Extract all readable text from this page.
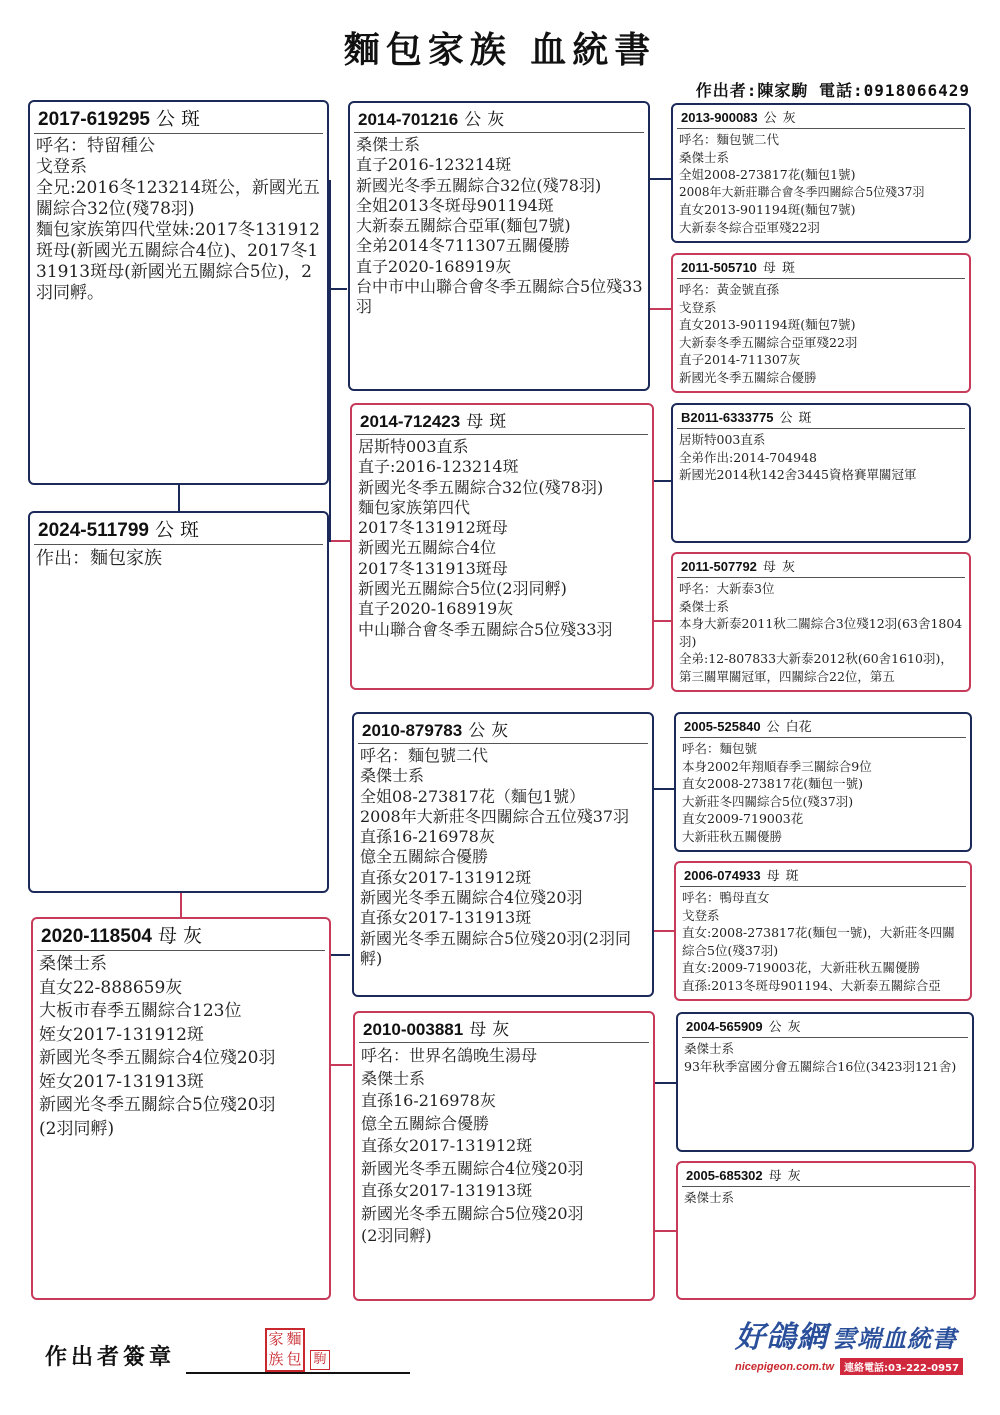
麵包家族 血統書
作出者:陳家駒 電話:0918066429
2017-619295 公 斑
呼名：特留種公
戈登系
全兄:2016冬123214斑公，新國光五關綜合32位(殘78羽)
麵包家族第四代堂妹:2017冬131912斑母(新國光五關綜合4位)、2017冬131913斑母(新國光五關綜合5位)，2羽同孵。
2024-511799 公 斑
作出：麵包家族
2020-118504 母 灰
桑傑士系
直女22-888659灰
大板市春季五關綜合123位
姪女2017-131912斑
新國光冬季五關綜合4位殘20羽
姪女2017-131913斑
新國光冬季五關綜合5位殘20羽
(2羽同孵)
2014-701216 公 灰
桑傑士系
直子2016-123214斑
新國光冬季五關綜合32位(殘78羽)
全姐2013冬斑母901194斑
大新泰五關綜合亞軍(麵包7號)
全弟2014冬711307五關優勝
直子2020-168919灰
台中市中山聯合會冬季五關綜合5位殘33羽
2014-712423 母 斑
居斯特003直系
直子:2016-123214斑
新國光冬季五關綜合32位(殘78羽)
麵包家族第四代
2017冬131912斑母
新國光五關綜合4位
2017冬131913斑母
新國光五關綜合5位(2羽同孵)
直子2020-168919灰
中山聯合會冬季五關綜合5位殘33羽
2010-879783 公 灰
呼名：麵包號二代
桑傑士系
全姐08-273817花（麵包1號）
2008年大新莊冬四關綜合五位殘37羽
直孫16-216978灰
億全五關綜合優勝
直孫女2017-131912斑
新國光冬季五關綜合4位殘20羽
直孫女2017-131913斑
新國光冬季五關綜合5位殘20羽(2羽同孵)
2010-003881 母 灰
呼名：世界名鴿晚生湯母
桑傑士系
直孫16-216978灰
億全五關綜合優勝
直孫女2017-131912斑
新國光冬季五關綜合4位殘20羽
直孫女2017-131913斑
新國光冬季五關綜合5位殘20羽
(2羽同孵)
2013-900083 公 灰
呼名：麵包號二代
桑傑士系
全姐2008-273817花(麵包1號)
2008年大新莊聯合會冬季四關綜合5位殘37羽
直女2013-901194斑(麵包7號)
大新泰冬綜合亞軍殘22羽
2011-505710 母 斑
呼名：黃金號直孫
戈登系
直女2013-901194斑(麵包7號)
大新泰冬季五關綜合亞軍殘22羽
直子2014-711307灰
新國光冬季五關綜合優勝
B2011-6333775 公 斑
居斯特003直系
全弟作出:2014-704948
新國光2014秋142舍3445資格賽單關冠軍
2011-507792 母 灰
呼名：大新泰3位
桑傑士系
本身大新泰2011秋二關綜合3位殘12羽(63舍1804羽)
全弟:12-807833大新泰2012秋(60舍1610羽)，第三關單關冠軍，四關綜合22位，第五
2005-525840 公 白花
呼名：麵包號
本身2002年翔順春季三關綜合9位
直女2008-273817花(麵包一號)
大新莊冬四關綜合5位(殘37羽)
直女2009-719003花
大新莊秋五關優勝
2006-074933 母 斑
呼名：鴨母直女
戈登系
直女:2008-273817花(麵包一號)，大新莊冬四關綜合5位(殘37羽)
直女:2009-719003花，大新莊秋五關優勝
直孫:2013冬斑母901194、大新泰五關綜合亞
2004-565909 公 灰
桑傑士系
93年秋季富國分會五關綜合16位(3423羽121舍)
2005-685302 母 灰
桑傑士系
作出者簽章
家 麵
族 包 駒
好鴿網 雲端血統書
nicepigeon.com.tw	連絡電話:03-222-0957
